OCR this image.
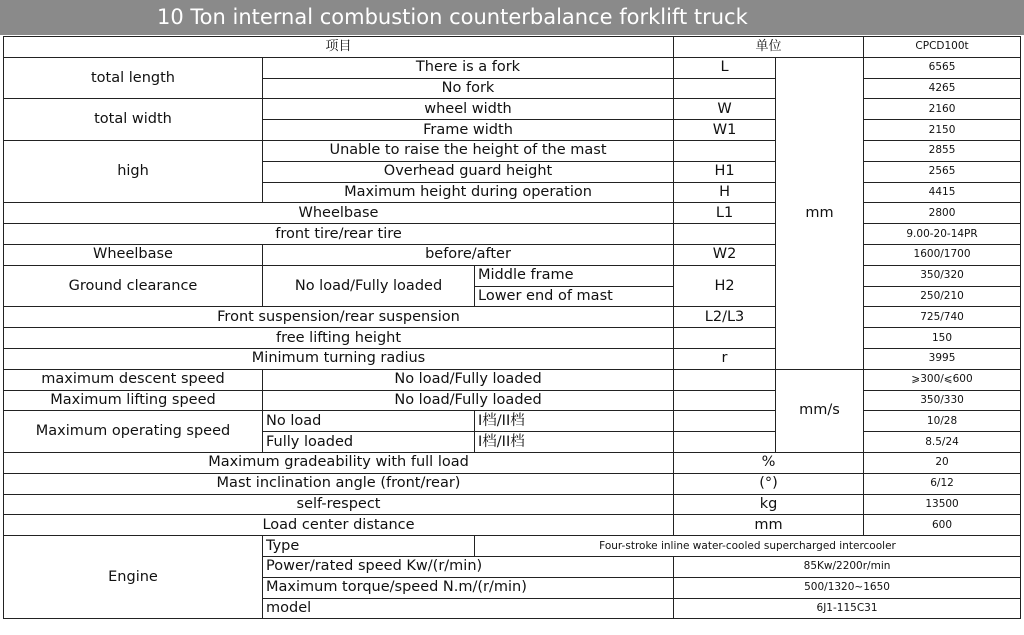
10 Ton internal combustion counterbalance forklift truck
项目			单位		CPCD100t
total length	There is a fork		L	mm	6565
	No fork				4265
total width	wheel width		W		2160
	Frame width		W1		2150
high	Unable to raise the height of the mast				2855
	Overhead guard height		H1		2565
	Maximum height during operation		H		4415
Wheelbase			L1		2800
front tire/rear tire					9.00-20-14PR
Wheelbase	before/after		W2		1600/1700
Ground clearance	No load/Fully loaded	Middle frame	H2		350/320
		Lower end of mast			250/210
Front suspension/rear suspension			L2/L3		725/740
free lifting height					150
Minimum turning radius			r		3995
maximum descent speed	No load/Fully loaded			mm/s	⩾300/⩽600
Maximum lifting speed	No load/Fully loaded				350/330
Maximum operating speed	No load	I档/II档			10/28
	Fully loaded	I档/II档			8.5/24
Maximum gradeability with full load			%		20
Mast inclination angle (front/rear)			(°)		6/12
self-respect			kg		13500
Load center distance			mm		600
Engine	Type	Four-stroke inline water-cooled supercharged intercooler			
	Power/rated speed Kw/(r/min)		85Kw/2200r/min		
	Maximum torque/speed N.m/(r/min)		500/1320~1650		
	model		6J1-115C31		
